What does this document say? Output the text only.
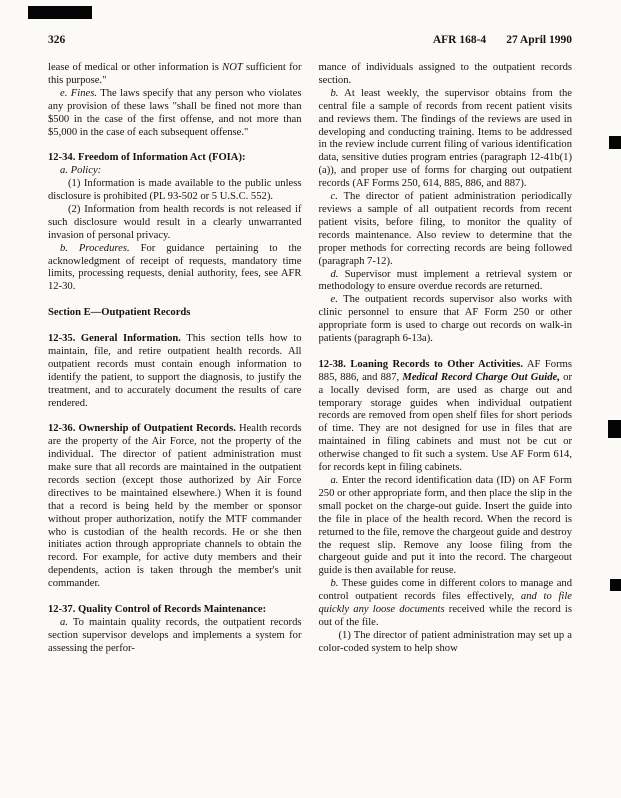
326	AFR 168-4 27 April 1990

lease of medical or other information is NOT sufficient for this purpose."

e. Fines. The laws specify that any person who violates any provision of these laws "shall be fined not more than $500 in the case of the first offense, and not more than $5,000 in the case of each subsequent offense."

12-34. Freedom of Information Act (FOIA):

a. Policy:

(1) Information is made available to the public unless disclosure is prohibited (PL 93-502 or 5 U.S.C. 552).

(2) Information from health records is not released if such disclosure would result in a clearly unwarranted invasion of personal privacy.

b. Procedures. For guidance pertaining to the acknowledgment of receipt of requests, mandatory time limits, processing requests, denial authority, fees, see AFR 12-30.

Section E—Outpatient Records

12-35. General Information. This section tells how to maintain, file, and retire outpatient health records. All outpatient records must contain enough information to identify the patient, to support the diagnosis, to justify the treatment, and to accurately document the results of care rendered.

12-36. Ownership of Outpatient Records. Health records are the property of the Air Force, not the property of the individual. The director of patient administration must make sure that all records are maintained in the outpatient records section (except those authorized by Air Force directives to be maintained elsewhere.) When it is found that a record is being held by the member or sponsor without proper authorization, notify the MTF commander who is custodian of the health records. He or she then initiates action through appropriate channels to obtain the record. For example, for active duty members and their dependents, action is taken through the member's unit commander.

12-37. Quality Control of Records Maintenance:

a. To maintain quality records, the outpatient records section supervisor develops and implements a system for assessing the perfor-

mance of individuals assigned to the outpatient records section.

b. At least weekly, the supervisor obtains from the central file a sample of records from recent patient visits and reviews them. The findings of the reviews are used in developing and conducting training. Items to be addressed in the review include current filing of various identification data, sensitive duties program entries (paragraph 12-41b(1)(a)), and proper use of forms for charging out outpatient records (AF Forms 250, 614, 885, 886, and 887).

c. The director of patient administration periodically reviews a sample of all outpatient records from recent patient visits, before filing, to monitor the quality of records maintenance. Also review to determine that the proper methods for correcting records are being followed (paragraph 7-12).

d. Supervisor must implement a retrieval system or methodology to ensure overdue records are returned.

e. The outpatient records supervisor also works with clinic personnel to ensure that AF Form 250 or other appropriate form is used to charge out records on walk-in patients (paragraph 6-13a).

12-38. Loaning Records to Other Activities. AF Forms 885, 886, and 887, Medical Record Charge Out Guide, or a locally devised form, are used as charge out and temporary storage guides when individual outpatient records are removed from open shelf files for short periods of time. They are not designed for use in files that are maintained in filing cabinets and must not be cut or otherwise changed to fit such a system. Use AF Form 614, for records kept in filing cabinets.

a. Enter the record identification data (ID) on AF Form 250 or other appropriate form, and then place the slip in the small pocket on the charge-out guide. Insert the guide into the file in place of the health record. When the record is returned to the file, remove the chargeout guide and destroy the request slip. Remove any loose filing from the chargeout guide and put it into the record. The chargeout guide is then available for reuse.

b. These guides come in different colors to manage and control outpatient records files effectively, and to file quickly any loose documents received while the record is out of the file.

(1) The director of patient administration may set up a color-coded system to help show
